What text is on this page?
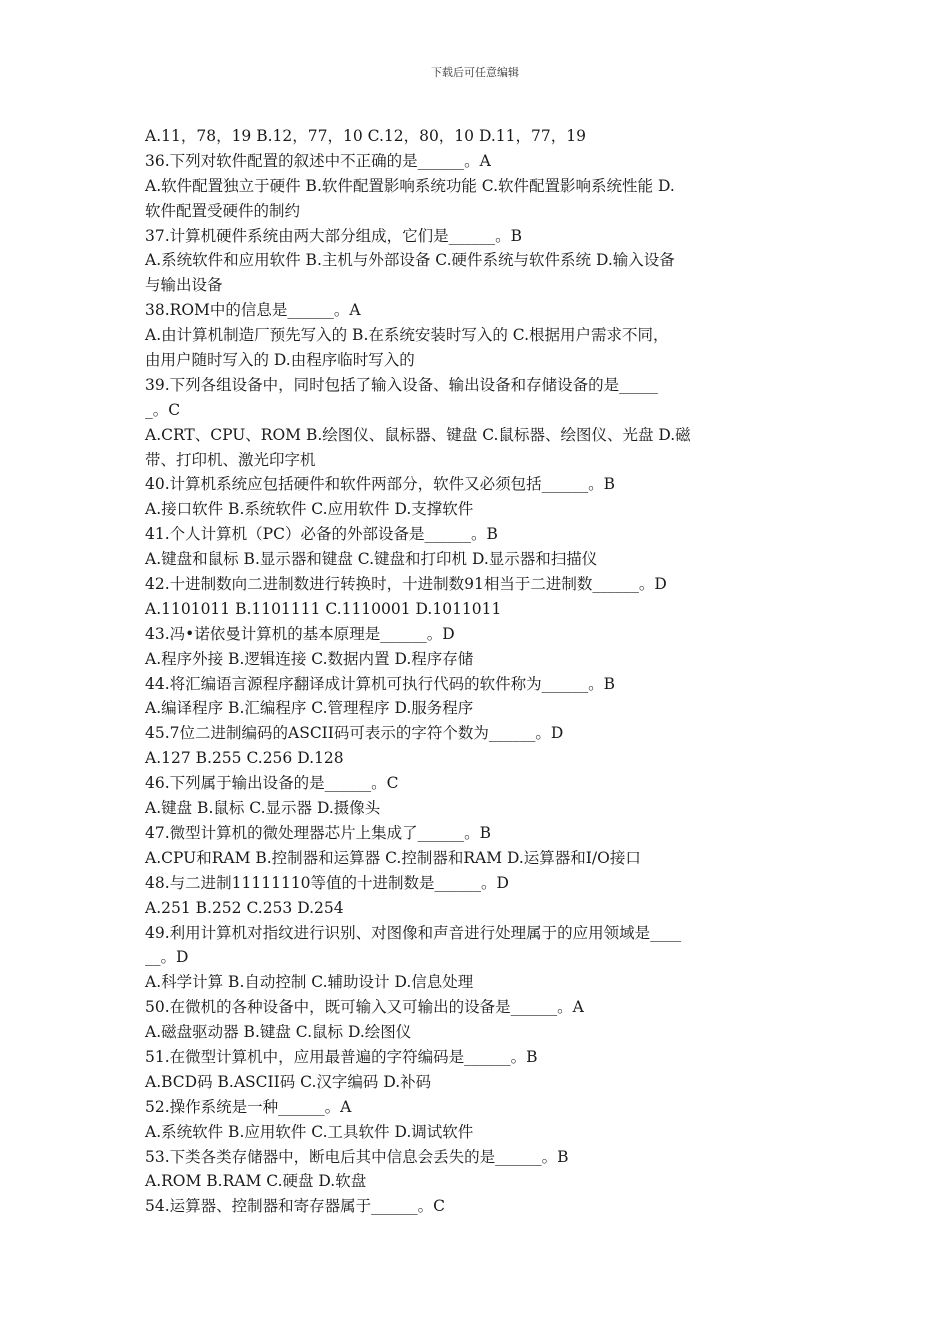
下载后可任意编辑
A.11，78，19 B.12，77，10 C.12，80，10 D.11，77，19
36.下列对软件配置的叙述中不正确的是______。A
A.软件配置独立于硬件 B.软件配置影响系统功能 C.软件配置影响系统性能 D.
软件配置受硬件的制约
37.计算机硬件系统由两大部分组成，它们是______。B
A.系统软件和应用软件 B.主机与外部设备 C.硬件系统与软件系统 D.输入设备
与输出设备
38.ROM中的信息是______。A
A.由计算机制造厂预先写入的 B.在系统安装时写入的 C.根据用户需求不同，
由用户随时写入的 D.由程序临时写入的
39.下列各组设备中，同时包括了输入设备、输出设备和存储设备的是_____
_。C
A.CRT、CPU、ROM B.绘图仪、鼠标器、键盘 C.鼠标器、绘图仪、光盘 D.磁
带、打印机、激光印字机
40.计算机系统应包括硬件和软件两部分，软件又必须包括______。B
A.接口软件 B.系统软件 C.应用软件 D.支撑软件
41.个人计算机（PC）必备的外部设备是______。B
A.键盘和鼠标 B.显示器和键盘 C.键盘和打印机 D.显示器和扫描仪
42.十进制数向二进制数进行转换时，十进制数91相当于二进制数______。D
A.1101011 B.1101111 C.1110001 D.1011011
43.冯•诺依曼计算机的基本原理是______。D
A.程序外接 B.逻辑连接 C.数据内置 D.程序存储
44.将汇编语言源程序翻译成计算机可执行代码的软件称为______。B
A.编译程序 B.汇编程序 C.管理程序 D.服务程序
45.7位二进制编码的ASCII码可表示的字符个数为______。D
A.127 B.255 C.256 D.128
46.下列属于输出设备的是______。C
A.键盘 B.鼠标 C.显示器 D.摄像头
47.微型计算机的微处理器芯片上集成了______。B
A.CPU和RAM B.控制器和运算器 C.控制器和RAM D.运算器和I/O接口
48.与二进制11111110等值的十进制数是______。D
A.251 B.252 C.253 D.254
49.利用计算机对指纹进行识别、对图像和声音进行处理属于的应用领域是____
__。D
A.科学计算 B.自动控制 C.辅助设计 D.信息处理
50.在微机的各种设备中，既可输入又可输出的设备是______。A
A.磁盘驱动器 B.键盘 C.鼠标 D.绘图仪
51.在微型计算机中，应用最普遍的字符编码是______。B
A.BCD码 B.ASCII码 C.汉字编码 D.补码
52.操作系统是一种______。A
A.系统软件 B.应用软件 C.工具软件 D.调试软件
53.下类各类存储器中，断电后其中信息会丢失的是______。B
A.ROM B.RAM C.硬盘 D.软盘
54.运算器、控制器和寄存器属于______。C
